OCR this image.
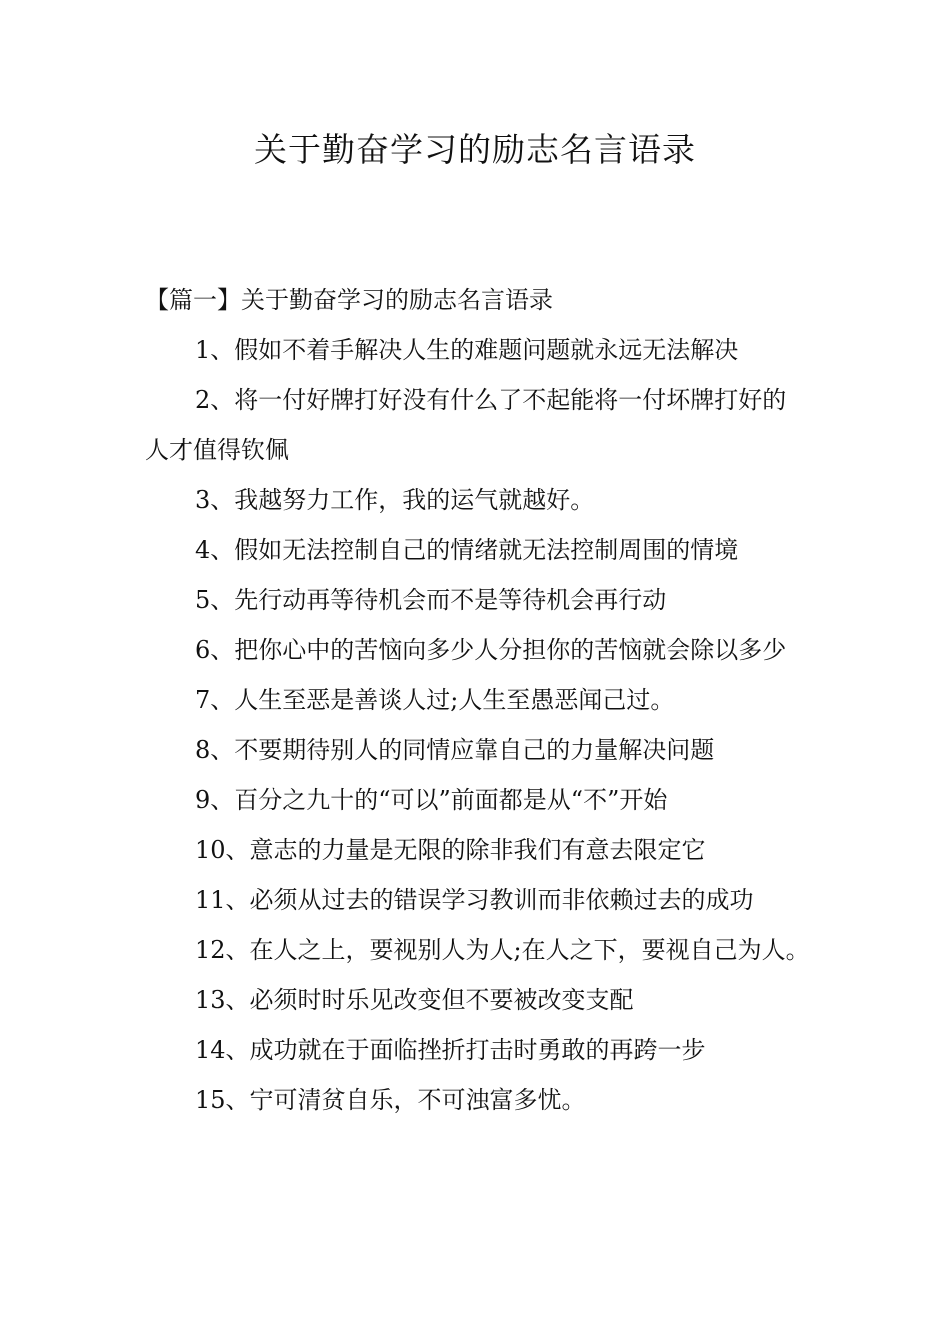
关于勤奋学习的励志名言语录

【篇一】关于勤奋学习的励志名言语录

1、假如不着手解决人生的难题问题就永远无法解决

2、将一付好牌打好没有什么了不起能将一付坏牌打好的人才值得钦佩

3、我越努力工作，我的运气就越好。

4、假如无法控制自己的情绪就无法控制周围的情境

5、先行动再等待机会而不是等待机会再行动

6、把你心中的苦恼向多少人分担你的苦恼就会除以多少

7、人生至恶是善谈人过;人生至愚恶闻己过。

8、不要期待别人的同情应靠自己的力量解决问题

9、百分之九十的“可以”前面都是从“不”开始

10、意志的力量是无限的除非我们有意去限定它

11、必须从过去的错误学习教训而非依赖过去的成功

12、在人之上，要视别人为人;在人之下，要视自己为人。

13、必须时时乐见改变但不要被改变支配

14、成功就在于面临挫折打击时勇敢的再跨一步

15、宁可清贫自乐，不可浊富多忧。
